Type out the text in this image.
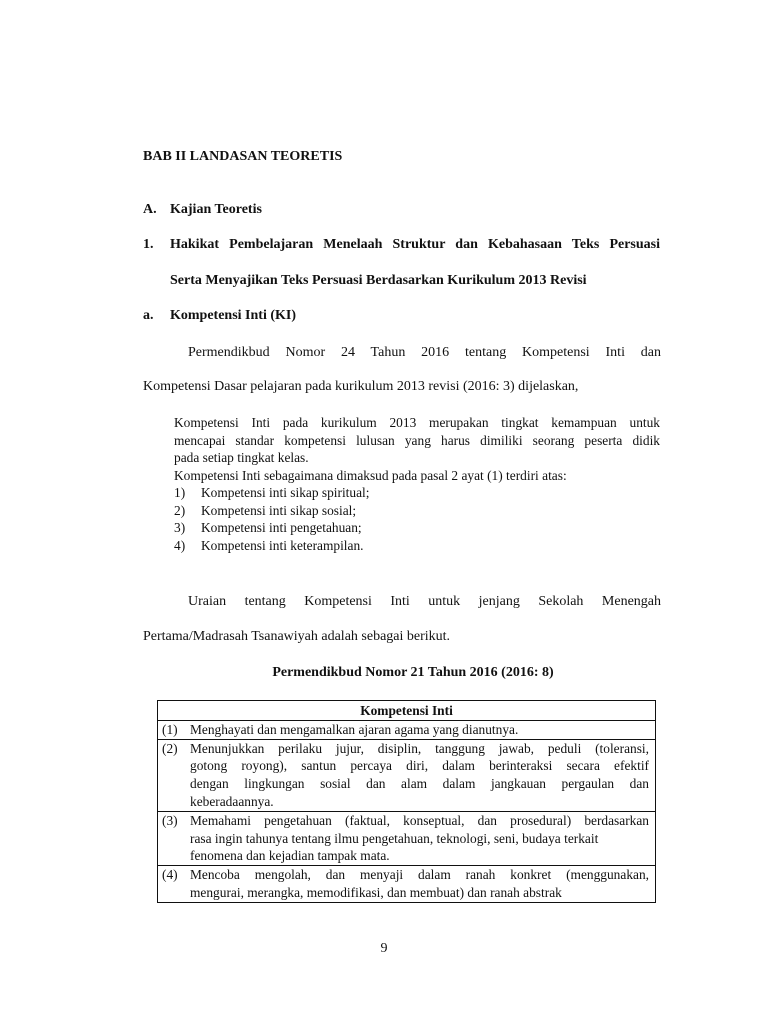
BAB II LANDASAN TEORETIS
A. Kajian Teoretis
1. Hakikat Pembelajaran Menelaah Struktur dan Kebahasaan Teks Persuasi
Serta Menyajikan Teks Persuasi Berdasarkan Kurikulum 2013 Revisi
a. Kompetensi Inti (KI)
Permendikbud Nomor 24 Tahun 2016 tentang Kompetensi Inti dan
Kompetensi Dasar pelajaran pada kurikulum 2013 revisi (2016: 3) dijelaskan,
Kompetensi Inti pada kurikulum 2013 merupakan tingkat kemampuan untuk
mencapai standar kompetensi lulusan yang harus dimiliki seorang peserta didik
pada setiap tingkat kelas.
Kompetensi Inti sebagaimana dimaksud pada pasal 2 ayat (1) terdiri atas:
1) Kompetensi inti sikap spiritual;
2) Kompetensi inti sikap sosial;
3) Kompetensi inti pengetahuan;
4) Kompetensi inti keterampilan.
Uraian tentang Kompetensi Inti untuk jenjang Sekolah Menengah
Pertama/Madrasah Tsanawiyah adalah sebagai berikut.
Permendikbud Nomor 21 Tahun 2016 (2016: 8)
Kompetensi Inti

(1) Menghayati dan mengamalkan ajaran agama yang dianutnya.

(2) Menunjukkan perilaku jujur, disiplin, tanggung jawab, peduli (toleransi,
gotong royong), santun percaya diri, dalam berinteraksi secara efektif
dengan lingkungan sosial dan alam dalam jangkauan pergaulan dan
keberadaannya.

(3) Memahami pengetahuan (faktual, konseptual, dan prosedural) berdasarkan
rasa ingin tahunya tentang ilmu pengetahuan, teknologi, seni, budaya terkait
fenomena dan kejadian tampak mata.

(4) Mencoba mengolah, dan menyaji dalam ranah konkret (menggunakan,
mengurai, merangka, memodifikasi, dan membuat) dan ranah abstrak
9
